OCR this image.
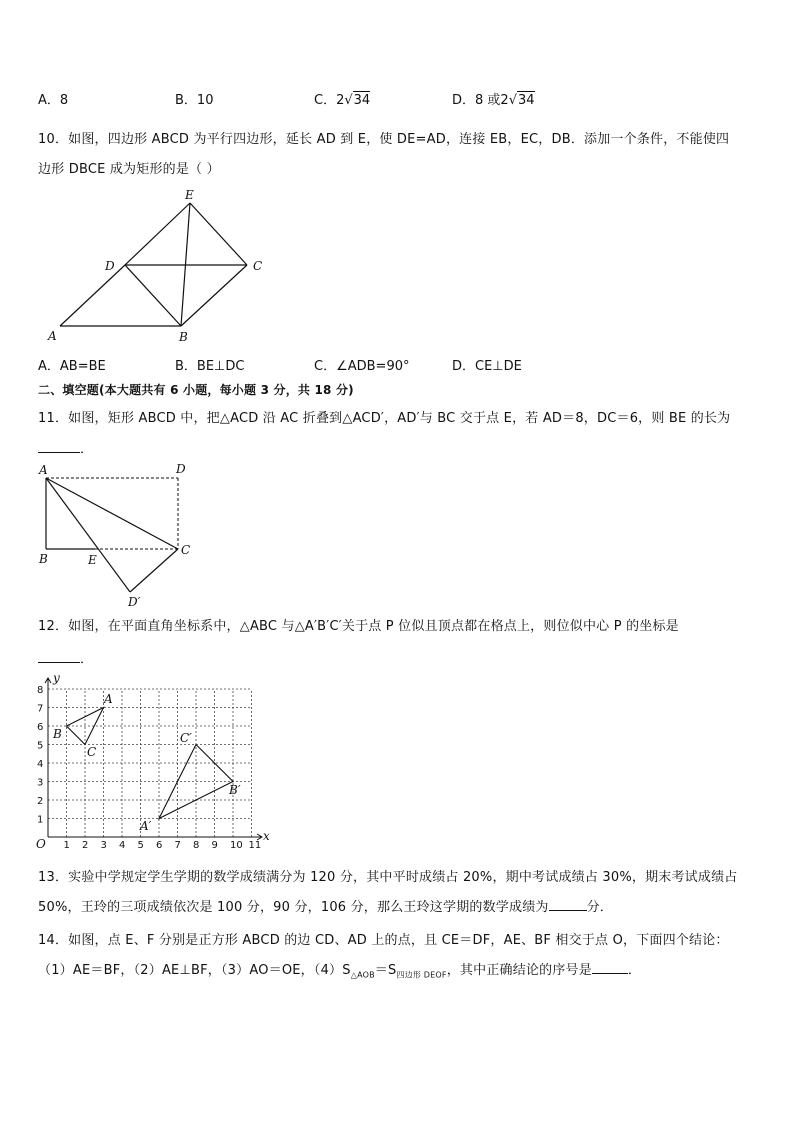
A．8	B．10	C．2√34	D．8 或2√34
10．如图，四边形 ABCD 为平行四边形，延长 AD 到 E，使 DE=AD，连接 EB，EC，DB．添加一个条件，不能使四
边形 DBCE 成为矩形的是（ ）
E
D	C
A	B
A．AB=BE	B．BE⊥DC	C．∠ADB=90°	D．CE⊥DE
二、填空题(本大题共有 6 小题，每小题 3 分，共 18 分)
11．如图，矩形 ABCD 中，把△ACD 沿 AC 折叠到△ACD′，AD′与 BC 交于点 E，若 AD＝8，DC＝6，则 BE 的长为
．
A	D
B	E
C
D′
12．如图，在平面直角坐标系中，△ABC 与△A′B′C′关于点 P 位似且顶点都在格点上，则位似中心 P 的坐标是
．
1 2 3 4 5 6 7 8 9 10 11
1
2
3
4
5
6
7
8
y
x
O
A
B
C
A′
B′
C′
13．实验中学规定学生学期的数学成绩满分为 120 分，其中平时成绩占 20%，期中考试成绩占 30%，期末考试成绩占
50%，王玲的三项成绩依次是 100 分，90 分，106 分，那么王玲这学期的数学成绩为	分．
14．如图，点 E、F 分别是正方形 ABCD 的边 CD、AD 上的点，且 CE＝DF，AE、BF 相交于点 O，下面四个结论：
（1）AE＝BF，（2）AE⊥BF，（3）AO＝OE，$(4)S_{\triangle AOB}=S_{四边形 DEOF}$，其中正确结论的序号是	．
